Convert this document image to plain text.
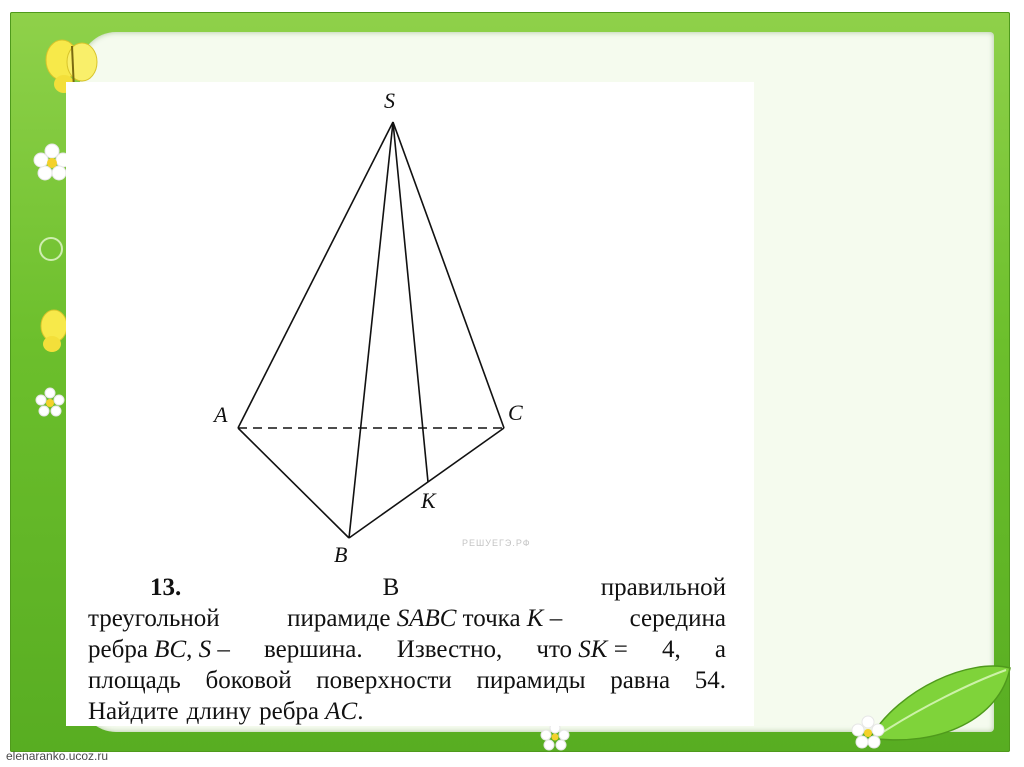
S
A	C
K
B	РЕШУЕГЭ.РФ
13.	В	правильной
треугольной	пирамиде SABC точка K –	середина
ребра BC, S – вершина. Известно, что SK = 4, а
площадь боковой поверхности пирамиды равна 54.
Найдите длину ребра AC.
elenaranko.ucoz.ru
